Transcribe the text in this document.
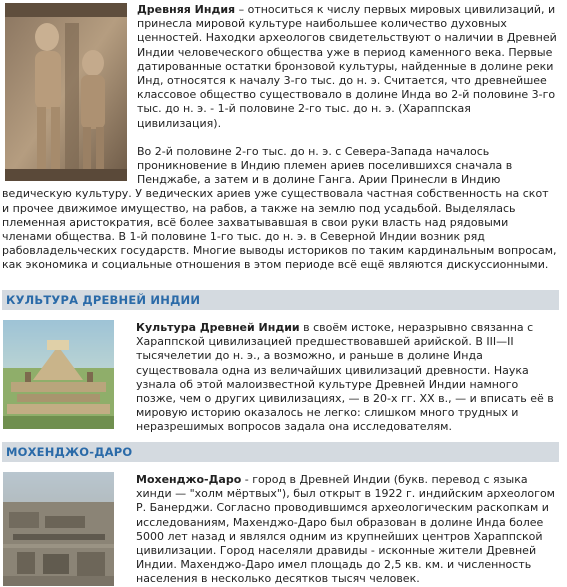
Древняя Индия – относиться к числу первых мировых цивилизаций, и принесла мировой культуре наибольшее количество духовных ценностей. Находки археологов свидетельствуют о наличии в Древней Индии человеческого общества уже в период каменного века. Первые датированные остатки бронзовой культуры, найденные в долине реки Инд, относятся к началу 3-го тыс. до н. э. Считается, что древнейшее классовое общество существовало в долине Инда во 2-й половине 3-го тыс. до н. э. - 1-й половине 2-го тыс. до н. э. (Хараппская цивилизация).

Во 2-й половине 2-го тыс. до н. э. с Севера-Запада началось проникновение в Индию племен ариев поселившихся сначала в Пенджабе, а затем и в долине Ганга. Арии Принесли в Индию ведическую культуру. У ведических ариев уже существовала частная собственность на скот и прочее движимое имущество, на рабов, а также на землю под усадьбой. Выделялась племенная аристократия, всё более захватывавшая в свои руки власть над рядовыми членами общества. В 1-й половине 1-го тыс. до н. э. в Северной Индии возник ряд рабовладельческих государств. Многие выводы историков по таким кардинальным вопросам, как экономика и социальные отношения в этом периоде всё ещё являются дискуссионными.

КУЛЬТУРА ДРЕВНЕЙ ИНДИИ

Культура Древней Индии в своём истоке, неразрывно связанна с Хараппской цивилизацией предшествовавшей арийской. В III—II тысячелетии до н. э., а возможно, и раньше в долине Инда существовала одна из величайших цивилизаций древности. Наука узнала об этой малоизвестной культуре Древней Индии намного позже, чем о других цивилизациях, — в 20-х гг. XX в., — и вписать её в мировую историю оказалось не легко: слишком много трудных и неразрешимых вопросов задала она исследователям.

МОХЕНДЖО-ДАРО

Мохенджо-Даро - город в Древней Индии (букв. перевод с языка хинди — "холм мёртвых"), был открыт в 1922 г. индийским археологом Р. Банерджи. Согласно проводившимся археологическим раскопкам и исследованиям, Махенджо-Даро был образован в долине Инда более 5000 лет назад и являлся одним из крупнейших центров Хараппской цивилизации. Город населяли дравиды - исконные жители Древней Индии. Махенджо-Даро имел площадь до 2,5 кв. км. и численность населения в несколько десятков тысяч человек.
